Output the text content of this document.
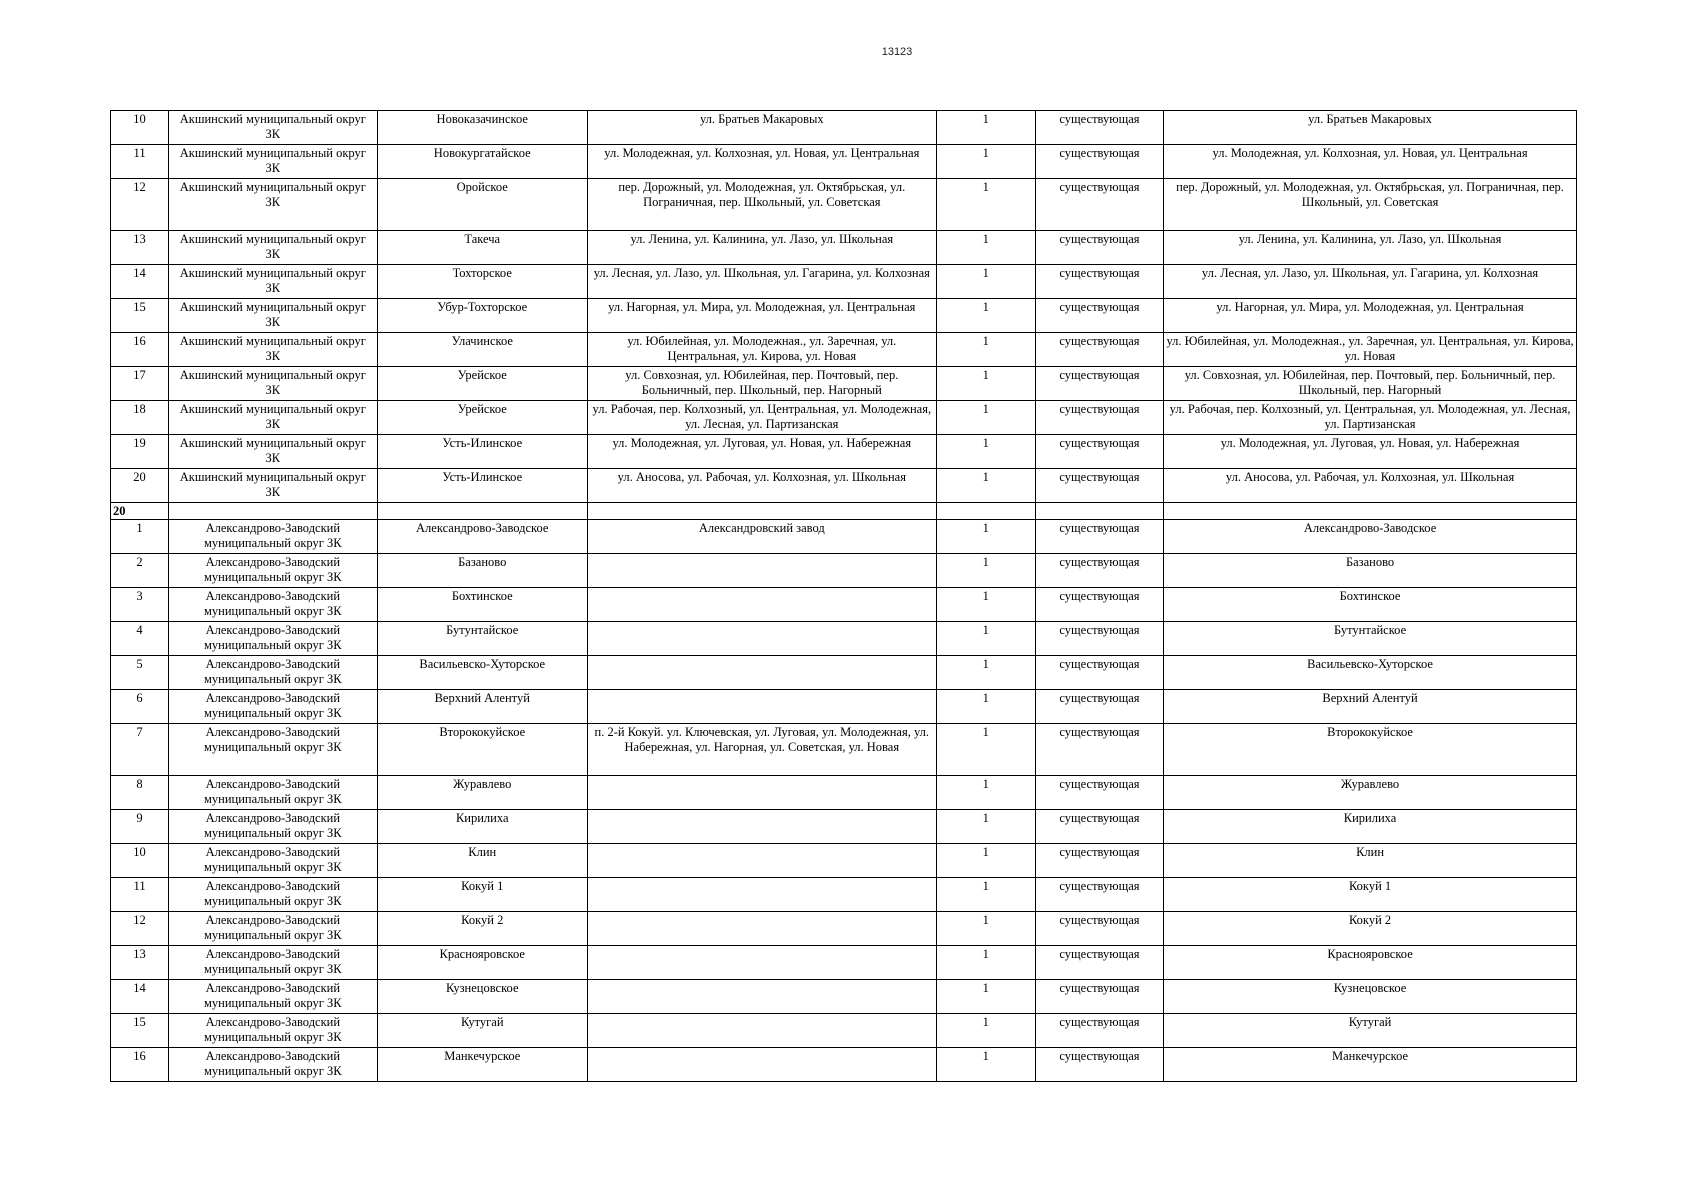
13123
10	Акшинский муниципальный округ ЗК	Новоказачинское	ул. Братьев Макаровых	1	существующая	ул. Братьев Макаровых
11	Акшинский муниципальный округ ЗК	Новокургатайское	ул. Молодежная, ул. Колхозная, ул. Новая, ул. Центральная	1	существующая	ул. Молодежная, ул. Колхозная, ул. Новая, ул. Центральная
12	Акшинский муниципальный округ ЗК	Оройское	пер. Дорожный, ул. Молодежная, ул. Октябрьская, ул. Пограничная, пер. Школьный, ул. Советская	1	существующая	пер. Дорожный, ул. Молодежная, ул. Октябрьская, ул. Пограничная, пер. Школьный, ул. Советская
13	Акшинский муниципальный округ ЗК	Такеча	ул. Ленина, ул. Калинина, ул. Лазо, ул. Школьная	1	существующая	ул. Ленина, ул. Калинина, ул. Лазо, ул. Школьная
14	Акшинский муниципальный округ ЗК	Тохторское	ул. Лесная, ул. Лазо, ул. Школьная, ул. Гагарина, ул. Колхозная	1	существующая	ул. Лесная, ул. Лазо, ул. Школьная, ул. Гагарина, ул. Колхозная
15	Акшинский муниципальный округ ЗК	Убур-Тохторское	ул. Нагорная, ул. Мира, ул. Молодежная, ул. Центральная	1	существующая	ул. Нагорная, ул. Мира, ул. Молодежная, ул. Центральная
16	Акшинский муниципальный округ ЗК	Улачинское	ул. Юбилейная, ул. Молодежная., ул. Заречная, ул. Центральная, ул. Кирова, ул. Новая	1	существующая	ул. Юбилейная, ул. Молодежная., ул. Заречная, ул. Центральная, ул. Кирова, ул. Новая
17	Акшинский муниципальный округ ЗК	Урейское	ул. Совхозная, ул. Юбилейная, пер. Почтовый, пер. Больничный, пер. Школьный, пер. Нагорный	1	существующая	ул. Совхозная, ул. Юбилейная, пер. Почтовый, пер. Больничный, пер. Школьный, пер. Нагорный
18	Акшинский муниципальный округ ЗК	Урейское	ул. Рабочая, пер. Колхозный, ул. Центральная, ул. Молодежная, ул. Лесная, ул. Партизанская	1	существующая	ул. Рабочая, пер. Колхозный, ул. Центральная, ул. Молодежная, ул. Лесная, ул. Партизанская
19	Акшинский муниципальный округ ЗК	Усть-Илинское	ул. Молодежная, ул. Луговая, ул. Новая, ул. Набережная	1	существующая	ул. Молодежная, ул. Луговая, ул. Новая, ул. Набережная
20	Акшинский муниципальный округ ЗК	Усть-Илинское	ул. Аносова, ул. Рабочая, ул. Колхозная, ул. Школьная	1	существующая	ул. Аносова, ул. Рабочая, ул. Колхозная, ул. Школьная
20						
1	Александрово-Заводский муниципальный округ ЗК	Александрово-Заводское	Александровский завод	1	существующая	Александрово-Заводское
2	Александрово-Заводский муниципальный округ ЗК	Базаново		1	существующая	Базаново
3	Александрово-Заводский муниципальный округ ЗК	Бохтинское		1	существующая	Бохтинское
4	Александрово-Заводский муниципальный округ ЗК	Бутунтайское		1	существующая	Бутунтайское
5	Александрово-Заводский муниципальный округ ЗК	Васильевско-Хуторское		1	существующая	Васильевско-Хуторское
6	Александрово-Заводский муниципальный округ ЗК	Верхний Алентуй		1	существующая	Верхний Алентуй
7	Александрово-Заводский муниципальный округ ЗК	Вторококуйское	п. 2-й Кокуй. ул. Ключевская, ул. Луговая, ул. Молодежная, ул. Набережная, ул. Нагорная, ул. Советская, ул. Новая	1	существующая	Вторококуйское
8	Александрово-Заводский муниципальный округ ЗК	Журавлево		1	существующая	Журавлево
9	Александрово-Заводский муниципальный округ ЗК	Кирилиха		1	существующая	Кирилиха
10	Александрово-Заводский муниципальный округ ЗК	Клин		1	существующая	Клин
11	Александрово-Заводский муниципальный округ ЗК	Кокуй 1		1	существующая	Кокуй 1
12	Александрово-Заводский муниципальный округ ЗК	Кокуй 2		1	существующая	Кокуй 2
13	Александрово-Заводский муниципальный округ ЗК	Краснояровское		1	существующая	Краснояровское
14	Александрово-Заводский муниципальный округ ЗК	Кузнецовское		1	существующая	Кузнецовское
15	Александрово-Заводский муниципальный округ ЗК	Кутугай		1	существующая	Кутугай
16	Александрово-Заводский муниципальный округ ЗК	Манкечурское		1	существующая	Манкечурское
